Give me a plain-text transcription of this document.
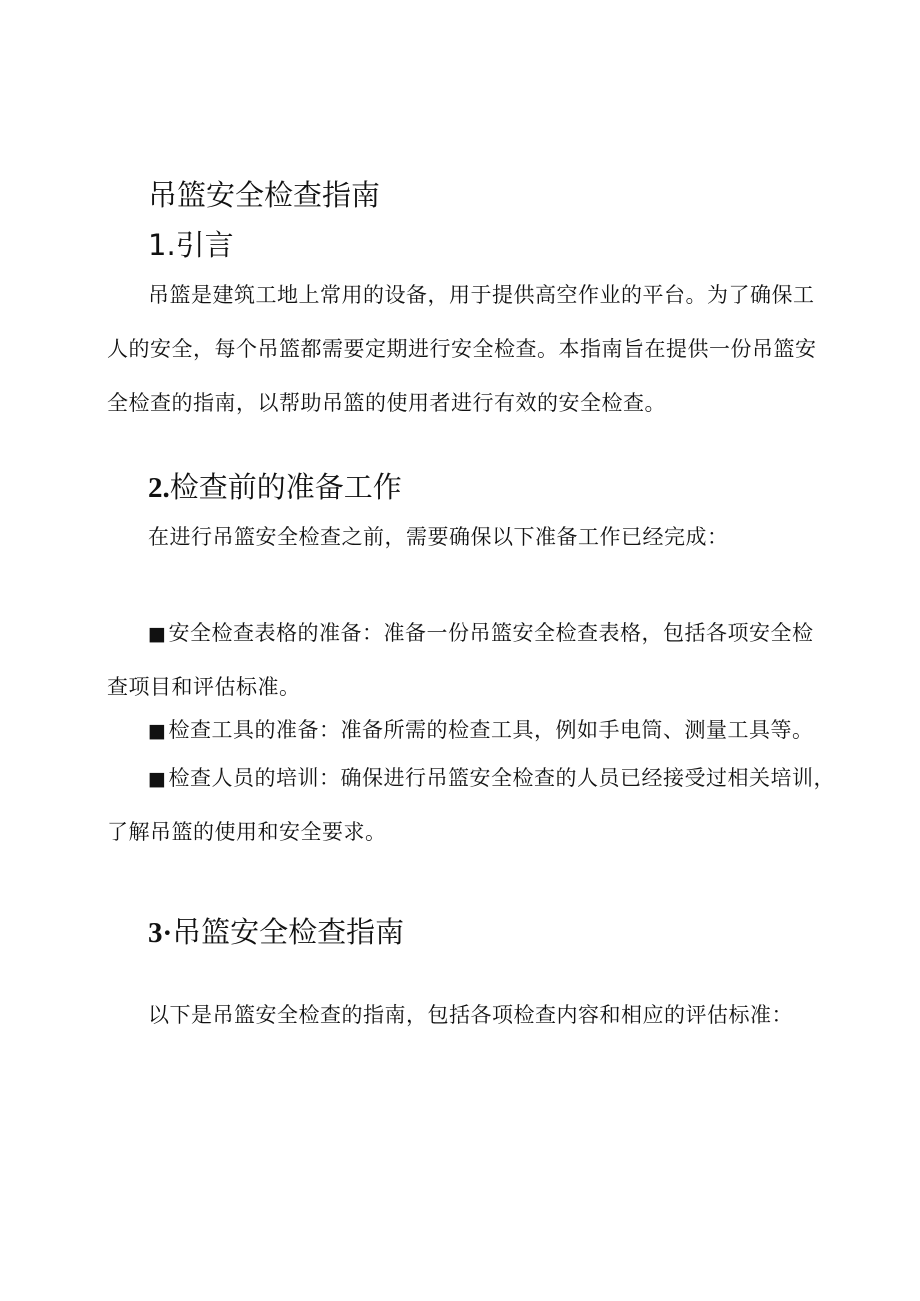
吊篮安全检查指南
1.引言
吊篮是建筑工地上常用的设备，用于提供高空作业的平台。为了确保工
人的安全，每个吊篮都需要定期进行安全检查。本指南旨在提供一份吊篮安
全检查的指南，以帮助吊篮的使用者进行有效的安全检查。
2.检查前的准备工作

在进行吊篮安全检查之前，需要确保以下准备工作已经完成：

■安全检查表格的准备：准备一份吊篮安全检查表格，包括各项安全检
查项目和评估标准。
■检查工具的准备：准备所需的检查工具，例如手电筒、测量工具等。
■检查人员的培训：确保进行吊篮安全检查的人员已经接受过相关培训，
了解吊篮的使用和安全要求。
3·吊篮安全检查指南

以下是吊篮安全检查的指南，包括各项检查内容和相应的评估标准：
